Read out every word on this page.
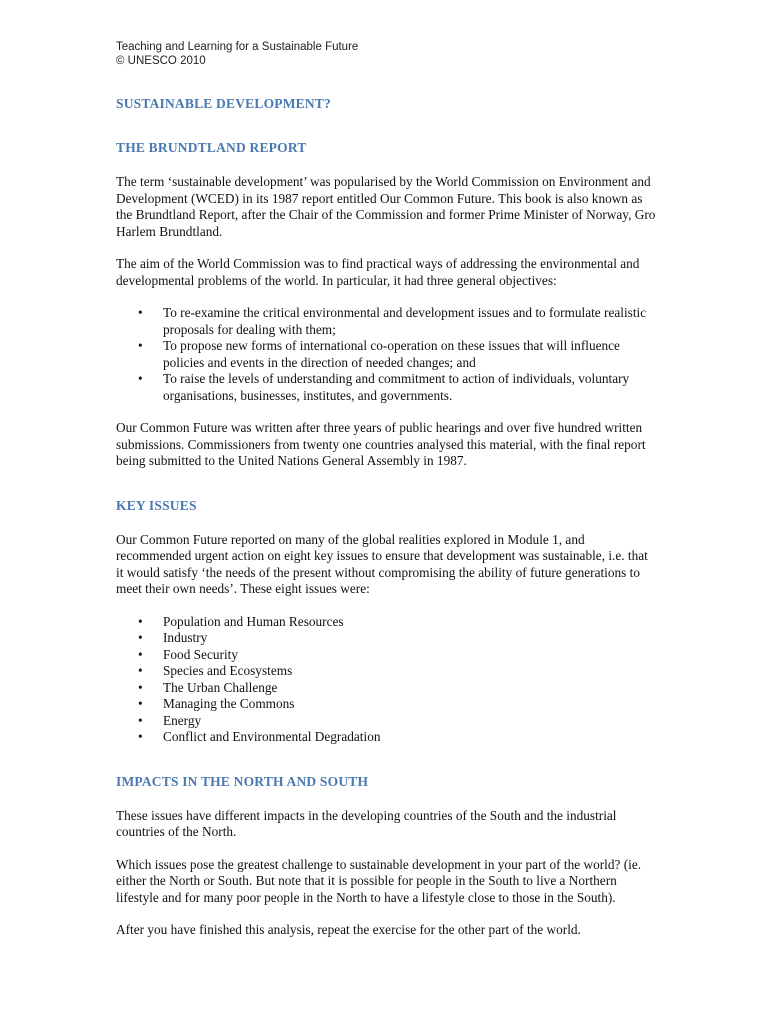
Teaching and Learning for a Sustainable Future
© UNESCO 2010
SUSTAINABLE DEVELOPMENT?
THE BRUNDTLAND REPORT

The term ‘sustainable development’ was popularised by the World Commission on Environment and Development (WCED) in its 1987 report entitled Our Common Future. This book is also known as the Brundtland Report, after the Chair of the Commission and former Prime Minister of Norway, Gro Harlem Brundtland.

The aim of the World Commission was to find practical ways of addressing the environmental and developmental problems of the world. In particular, it had three general objectives:

• To re-examine the critical environmental and development issues and to formulate realistic proposals for dealing with them;
• To propose new forms of international co-operation on these issues that will influence policies and events in the direction of needed changes; and
• To raise the levels of understanding and commitment to action of individuals, voluntary organisations, businesses, institutes, and governments.

Our Common Future was written after three years of public hearings and over five hundred written submissions. Commissioners from twenty one countries analysed this material, with the final report being submitted to the United Nations General Assembly in 1987.

KEY ISSUES

Our Common Future reported on many of the global realities explored in Module 1, and recommended urgent action on eight key issues to ensure that development was sustainable, i.e. that it would satisfy ‘the needs of the present without compromising the ability of future generations to meet their own needs’. These eight issues were:

• Population and Human Resources
• Industry
• Food Security
• Species and Ecosystems
• The Urban Challenge
• Managing the Commons
• Energy
• Conflict and Environmental Degradation
IMPACTS IN THE NORTH AND SOUTH

These issues have different impacts in the developing countries of the South and the industrial countries of the North.

Which issues pose the greatest challenge to sustainable development in your part of the world? (ie. either the North or South. But note that it is possible for people in the South to live a Northern lifestyle and for many poor people in the North to have a lifestyle close to those in the South).

After you have finished this analysis, repeat the exercise for the other part of the world.
